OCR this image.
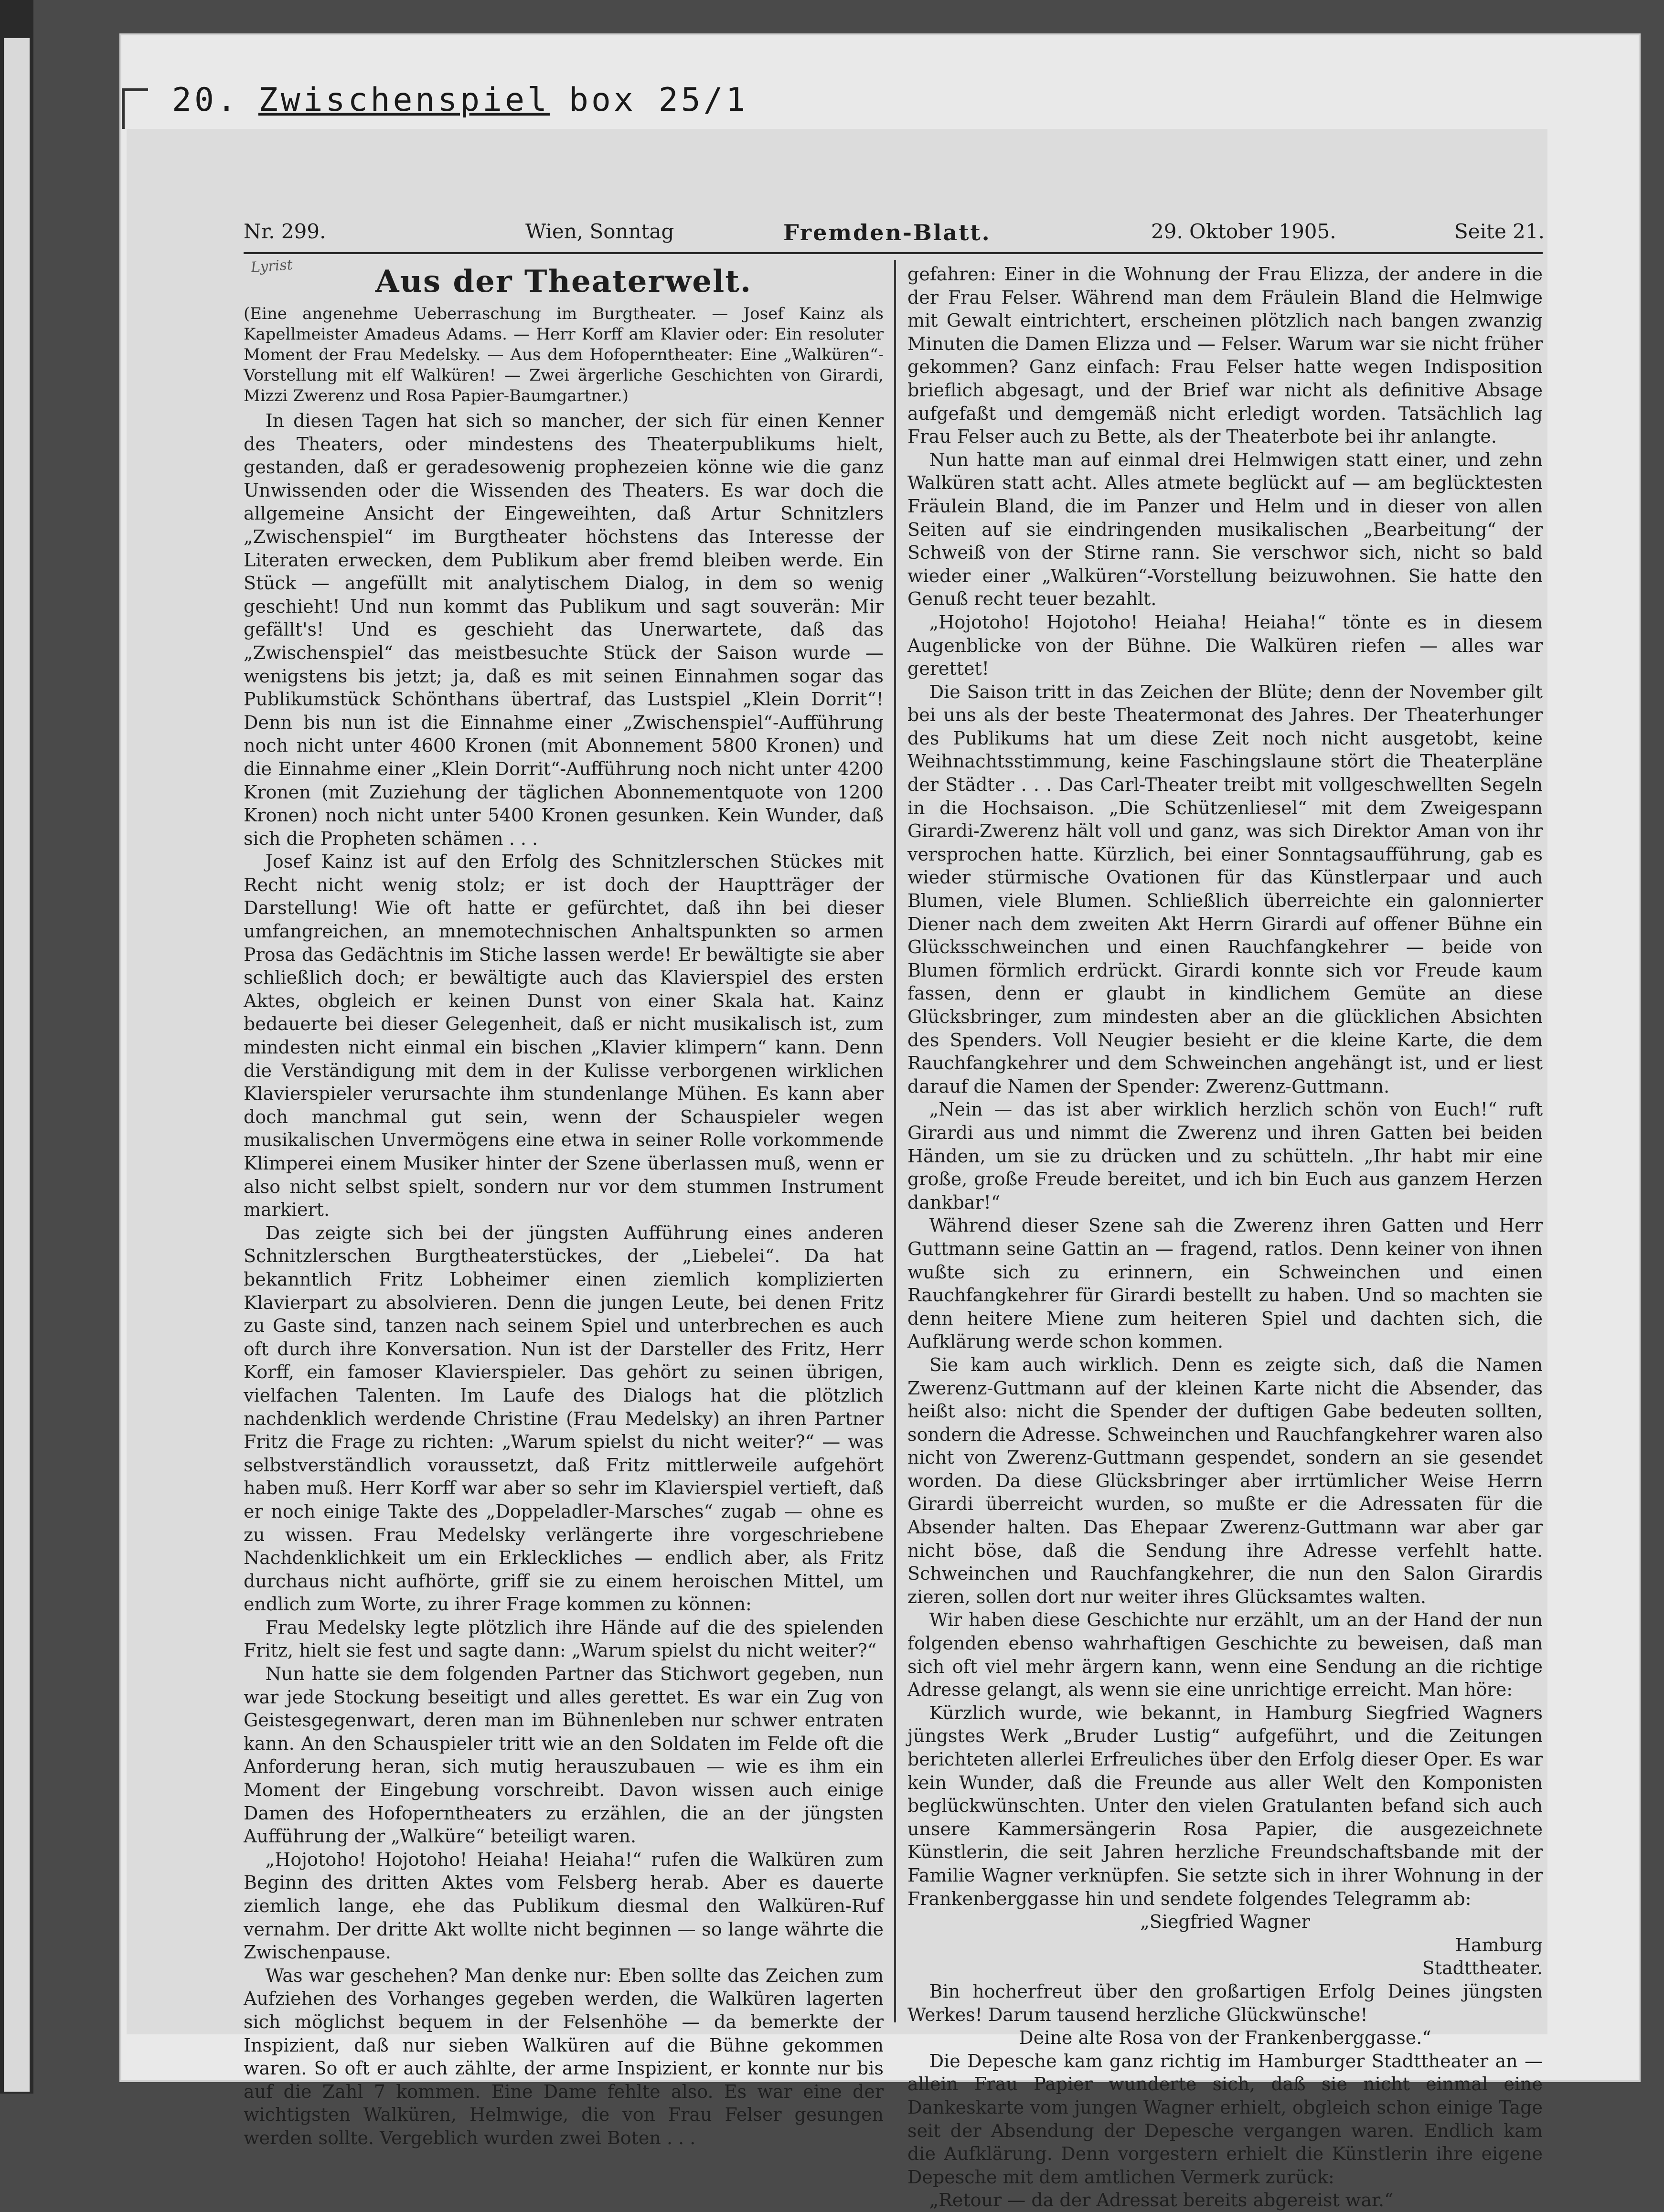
20. Zwischenspiel box 25/1
Nr. 299.	Wien, Sonntag	Fremden-Blatt.	29. Oktober 1905.	Seite 21.
Lyrist	Aus der Theaterwelt.

(Eine angenehme Ueberraschung im Burgtheater. — Josef Kainz als Kapellmeister Amadeus Adams. — Herr Korff am Klavier oder: Ein resoluter Moment der Frau Medelsky. — Aus dem Hofoperntheater: Eine „Walküren“-Vorstellung mit elf Walküren! — Zwei ärgerliche Geschichten von Girardi, Mizzi Zwerenz und Rosa Papier-Baumgartner.)

In diesen Tagen hat sich so mancher, der sich für einen Kenner des Theaters, oder mindestens des Theaterpublikums hielt, gestanden, daß er geradesowenig prophezeien könne wie die ganz Unwissenden oder die Wissenden des Theaters. Es war doch die allgemeine Ansicht der Eingeweihten, daß Artur Schnitzlers „Zwischenspiel“ im Burgtheater höchstens das Interesse der Literaten erwecken, dem Publikum aber fremd bleiben werde. Ein Stück — angefüllt mit analytischem Dialog, in dem so wenig geschieht! Und nun kommt das Publikum und sagt souverän: Mir gefällt's! Und es geschieht das Unerwartete, daß das „Zwischenspiel“ das meistbesuchte Stück der Saison wurde — wenigstens bis jetzt; ja, daß es mit seinen Einnahmen sogar das Publikumstück Schönthans übertraf, das Lustspiel „Klein Dorrit“! Denn bis nun ist die Einnahme einer „Zwischenspiel“-Aufführung noch nicht unter 4600 Kronen (mit Abonnement 5800 Kronen) und die Einnahme einer „Klein Dorrit“-Aufführung noch nicht unter 4200 Kronen (mit Zuziehung der täglichen Abonnementquote von 1200 Kronen) noch nicht unter 5400 Kronen gesunken. Kein Wunder, daß sich die Propheten schämen . . .

Josef Kainz ist auf den Erfolg des Schnitzlerschen Stückes mit Recht nicht wenig stolz; er ist doch der Hauptträger der Darstellung! Wie oft hatte er gefürchtet, daß ihn bei dieser umfangreichen, an mnemotechnischen Anhaltspunkten so armen Prosa das Gedächtnis im Stiche lassen werde! Er bewältigte sie aber schließlich doch; er bewältigte auch das Klavierspiel des ersten Aktes, obgleich er keinen Dunst von einer Skala hat. Kainz bedauerte bei dieser Gelegenheit, daß er nicht musikalisch ist, zum mindesten nicht einmal ein bischen „Klavier klimpern“ kann. Denn die Verständigung mit dem in der Kulisse verborgenen wirklichen Klavierspieler verursachte ihm stundenlange Mühen. Es kann aber doch manchmal gut sein, wenn der Schauspieler wegen musikalischen Unvermögens eine etwa in seiner Rolle vorkommende Klimperei einem Musiker hinter der Szene überlassen muß, wenn er also nicht selbst spielt, sondern nur vor dem stummen Instrument markiert.

Das zeigte sich bei der jüngsten Aufführung eines anderen Schnitzlerschen Burgtheaterstückes, der „Liebelei“. Da hat bekanntlich Fritz Lobheimer einen ziemlich komplizierten Klavierpart zu absolvieren. Denn die jungen Leute, bei denen Fritz zu Gaste sind, tanzen nach seinem Spiel und unterbrechen es auch oft durch ihre Konversation. Nun ist der Darsteller des Fritz, Herr Korff, ein famoser Klavierspieler. Das gehört zu seinen übrigen, vielfachen Talenten. Im Laufe des Dialogs hat die plötzlich nachdenklich werdende Christine (Frau Medelsky) an ihren Partner Fritz die Frage zu richten: „Warum spielst du nicht weiter?“ — was selbstverständlich voraussetzt, daß Fritz mittlerweile aufgehört haben muß. Herr Korff war aber so sehr im Klavierspiel vertieft, daß er noch einige Takte des „Doppeladler-Marsches“ zugab — ohne es zu wissen. Frau Medelsky verlängerte ihre vorgeschriebene Nachdenklichkeit um ein Erkleckliches — endlich aber, als Fritz durchaus nicht aufhörte, griff sie zu einem heroischen Mittel, um endlich zum Worte, zu ihrer Frage kommen zu können:

Frau Medelsky legte plötzlich ihre Hände auf die des spielenden Fritz, hielt sie fest und sagte dann: „Warum spielst du nicht weiter?“

Nun hatte sie dem folgenden Partner das Stichwort gegeben, nun war jede Stockung beseitigt und alles gerettet. Es war ein Zug von Geistesgegenwart, deren man im Bühnenleben nur schwer entraten kann. An den Schauspieler tritt wie an den Soldaten im Felde oft die Anforderung heran, sich mutig herauszubauen — wie es ihm ein Moment der Eingebung vorschreibt. Davon wissen auch einige Damen des Hofoperntheaters zu erzählen, die an der jüngsten Aufführung der „Walküre“ beteiligt waren.

„Hojotoho! Hojotoho! Heiaha! Heiaha!“ rufen die Walküren zum Beginn des dritten Aktes vom Felsberg herab. Aber es dauerte ziemlich lange, ehe das Publikum diesmal den Walküren-Ruf vernahm. Der dritte Akt wollte nicht beginnen — so lange währte die Zwischenpause.

Was war geschehen? Man denke nur: Eben sollte das Zeichen zum Aufziehen des Vorhanges gegeben werden, die Walküren lagerten sich möglichst bequem in der Felsenhöhe — da bemerkte der Inspizient, daß nur sieben Walküren auf die Bühne gekommen waren. So oft er auch zählte, der arme Inspizient, er konnte nur bis auf die Zahl 7 kommen. Eine Dame fehlte also. Es war eine der wichtigsten Walküren, Helmwige, die von Frau Felser gesungen werden sollte. Vergeblich wurden zwei Boten . . .

gefahren: Einer in die Wohnung der Frau Elizza, der andere in die der Frau Felser. Während man dem Fräulein Bland die Helmwige mit Gewalt eintrichtert, erscheinen plötzlich nach bangen zwanzig Minuten die Damen Elizza und — Felser. Warum war sie nicht früher gekommen? Ganz einfach: Frau Felser hatte wegen Indisposition brieflich abgesagt, und der Brief war nicht als definitive Absage aufgefaßt und demgemäß nicht erledigt worden. Tatsächlich lag Frau Felser auch zu Bette, als der Theaterbote bei ihr anlangte.

Nun hatte man auf einmal drei Helmwigen statt einer, und zehn Walküren statt acht. Alles atmete beglückt auf — am beglücktesten Fräulein Bland, die im Panzer und Helm und in dieser von allen Seiten auf sie eindringenden musikalischen „Bearbeitung“ der Schweiß von der Stirne rann. Sie verschwor sich, nicht so bald wieder einer „Walküren“-Vorstellung beizuwohnen. Sie hatte den Genuß recht teuer bezahlt.

„Hojotoho! Hojotoho! Heiaha! Heiaha!“ tönte es in diesem Augenblicke von der Bühne. Die Walküren riefen — alles war gerettet!

Die Saison tritt in das Zeichen der Blüte; denn der November gilt bei uns als der beste Theatermonat des Jahres. Der Theaterhunger des Publikums hat um diese Zeit noch nicht ausgetobt, keine Weihnachtsstimmung, keine Faschingslaune stört die Theaterpläne der Städter . . . Das Carl-Theater treibt mit vollgeschwellten Segeln in die Hochsaison. „Die Schützenliesel“ mit dem Zweigespann Girardi-Zwerenz hält voll und ganz, was sich Direktor Aman von ihr versprochen hatte. Kürzlich, bei einer Sonntagsaufführung, gab es wieder stürmische Ovationen für das Künstlerpaar und auch Blumen, viele Blumen. Schließlich überreichte ein galonnierter Diener nach dem zweiten Akt Herrn Girardi auf offener Bühne ein Glücksschweinchen und einen Rauchfangkehrer — beide von Blumen förmlich erdrückt. Girardi konnte sich vor Freude kaum fassen, denn er glaubt in kindlichem Gemüte an diese Glücksbringer, zum mindesten aber an die glücklichen Absichten des Spenders. Voll Neugier besieht er die kleine Karte, die dem Rauchfangkehrer und dem Schweinchen angehängt ist, und er liest darauf die Namen der Spender: Zwerenz-Guttmann.

„Nein — das ist aber wirklich herzlich schön von Euch!“ ruft Girardi aus und nimmt die Zwerenz und ihren Gatten bei beiden Händen, um sie zu drücken und zu schütteln. „Ihr habt mir eine große, große Freude bereitet, und ich bin Euch aus ganzem Herzen dankbar!“

Während dieser Szene sah die Zwerenz ihren Gatten und Herr Guttmann seine Gattin an — fragend, ratlos. Denn keiner von ihnen wußte sich zu erinnern, ein Schweinchen und einen Rauchfangkehrer für Girardi bestellt zu haben. Und so machten sie denn heitere Miene zum heiteren Spiel und dachten sich, die Aufklärung werde schon kommen.

Sie kam auch wirklich. Denn es zeigte sich, daß die Namen Zwerenz-Guttmann auf der kleinen Karte nicht die Absender, das heißt also: nicht die Spender der duftigen Gabe bedeuten sollten, sondern die Adresse. Schweinchen und Rauchfangkehrer waren also nicht von Zwerenz-Guttmann gespendet, sondern an sie gesendet worden. Da diese Glücksbringer aber irrtümlicher Weise Herrn Girardi überreicht wurden, so mußte er die Adressaten für die Absender halten. Das Ehepaar Zwerenz-Guttmann war aber gar nicht böse, daß die Sendung ihre Adresse verfehlt hatte. Schweinchen und Rauchfangkehrer, die nun den Salon Girardis zieren, sollen dort nur weiter ihres Glücksamtes walten.

Wir haben diese Geschichte nur erzählt, um an der Hand der nun folgenden ebenso wahrhaftigen Geschichte zu beweisen, daß man sich oft viel mehr ärgern kann, wenn eine Sendung an die richtige Adresse gelangt, als wenn sie eine unrichtige erreicht. Man höre:

Kürzlich wurde, wie bekannt, in Hamburg Siegfried Wagners jüngstes Werk „Bruder Lustig“ aufgeführt, und die Zeitungen berichteten allerlei Erfreuliches über den Erfolg dieser Oper. Es war kein Wunder, daß die Freunde aus aller Welt den Komponisten beglückwünschten. Unter den vielen Gratulanten befand sich auch unsere Kammersängerin Rosa Papier, die ausgezeichnete Künstlerin, die seit Jahren herzliche Freundschaftsbande mit der Familie Wagner verknüpfen. Sie setzte sich in ihrer Wohnung in der Frankenberggasse hin und sendete folgendes Telegramm ab:

„Siegfried Wagner

Hamburg

Stadttheater.

Bin hocherfreut über den großartigen Erfolg Deines jüngsten Werkes! Darum tausend herzliche Glückwünsche!

Deine alte Rosa von der Frankenberggasse.“

Die Depesche kam ganz richtig im Hamburger Stadttheater an — allein Frau Papier wunderte sich, daß sie nicht einmal eine Dankeskarte vom jungen Wagner erhielt, obgleich schon einige Tage seit der Absendung der Depesche vergangen waren. Endlich kam die Aufklärung. Denn vorgestern erhielt die Künstlerin ihre eigene Depesche mit dem amtlichen Vermerk zurück:

„Retour — da der Adressat bereits abgereist war.“
